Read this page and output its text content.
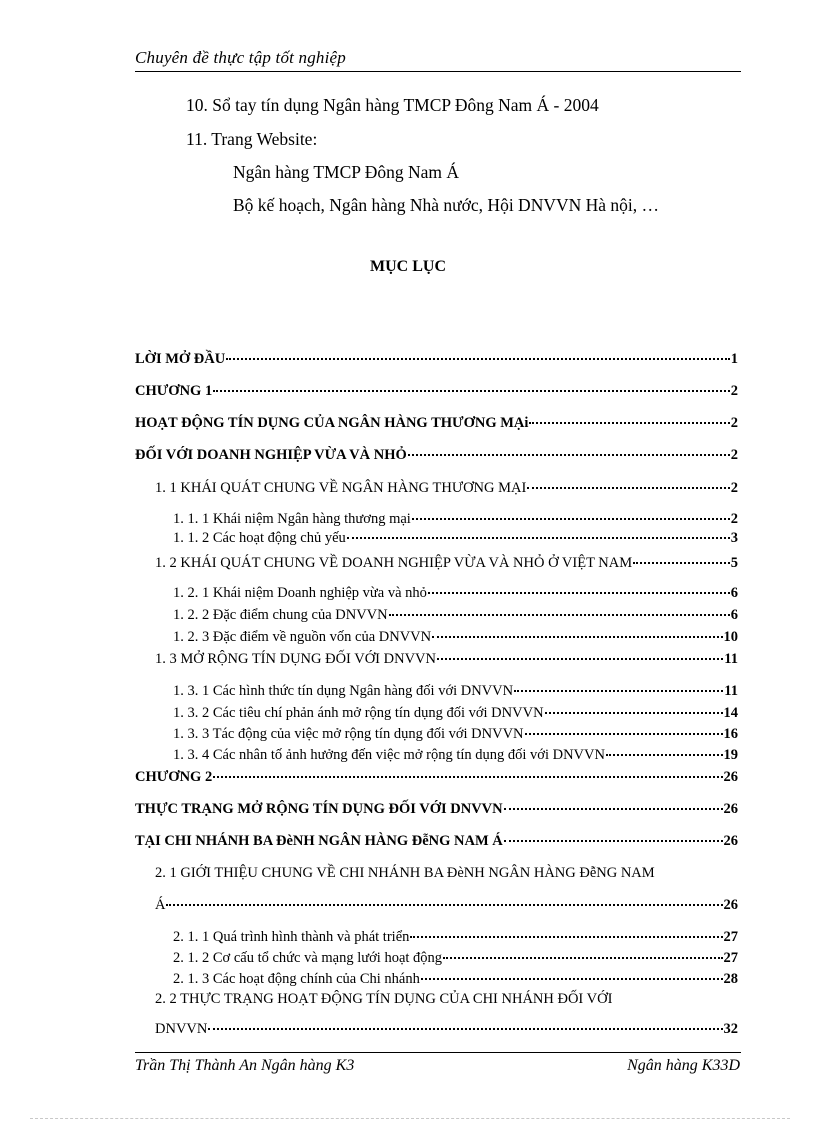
Chuyên đề thực tập tốt nghiệp
10. Sổ tay tín dụng Ngân hàng TMCP Đông Nam Á - 2004
11. Trang Website:
Ngân hàng TMCP Đông Nam Á
Bộ kế hoạch, Ngân hàng Nhà nước, Hội DNVVN Hà nội, …
MỤC LỤC
LỜI MỞ ĐẦU	1
CHƯƠNG 1	2
HOẠT ĐỘNG TÍN DỤNG CỦA NGÂN HÀNG THƯƠNG MẠi	2
ĐỐI VỚI DOANH NGHIỆP VỪA VÀ NHỎ	2
1. 1 KHÁI QUÁT CHUNG VỀ NGÂN HÀNG THƯƠNG MẠI	2
1. 1. 1 Khái niệm Ngân hàng thương mại	2
1. 1. 2 Các hoạt động chủ yếu	3
1. 2 KHÁI QUÁT CHUNG VỀ DOANH NGHIỆP VỪA VÀ NHỎ Ở VIỆT NAM	5
1. 2. 1 Khái niệm Doanh nghiệp vừa và nhỏ	6
1. 2. 2 Đặc điểm chung của DNVVN	6
1. 2. 3 Đặc điểm về nguồn vốn của DNVVN	10
1. 3 MỞ RỘNG TÍN DỤNG ĐỐI VỚI DNVVN	11
1. 3. 1 Các hình thức tín dụng Ngân hàng đối với DNVVN	11
1. 3. 2 Các tiêu chí phản ánh mở rộng tín dụng đối với DNVVN	14
1. 3. 3 Tác động của việc mở rộng tín dụng đối với DNVVN	16
1. 3. 4 Các nhân tố ảnh hưởng đến việc mở rộng tín dụng đối với DNVVN	19
CHƯƠNG 2	26
THỰC TRẠNG MỞ RỘNG TÍN DỤNG ĐỐI VỚI DNVVN	26
TẠI CHI NHÁNH BA ĐèNH NGÂN HÀNG ĐễNG NAM Á	26
2. 1 GIỚI THIỆU CHUNG VỀ CHI NHÁNH BA ĐèNH NGÂN HÀNG ĐễNG NAM
Á	26
2. 1. 1 Quá trình hình thành và phát triển	27
2. 1. 2 Cơ cấu tổ chức và mạng lưới hoạt động	27
2. 1. 3 Các hoạt động chính của Chi nhánh	28
2. 2 THỰC TRẠNG HOẠT ĐỘNG TÍN DỤNG CỦA CHI NHÁNH ĐỐI VỚI
DNVVN	32
Trần Thị Thành An Ngân hàng K3	Ngân hàng K33D
